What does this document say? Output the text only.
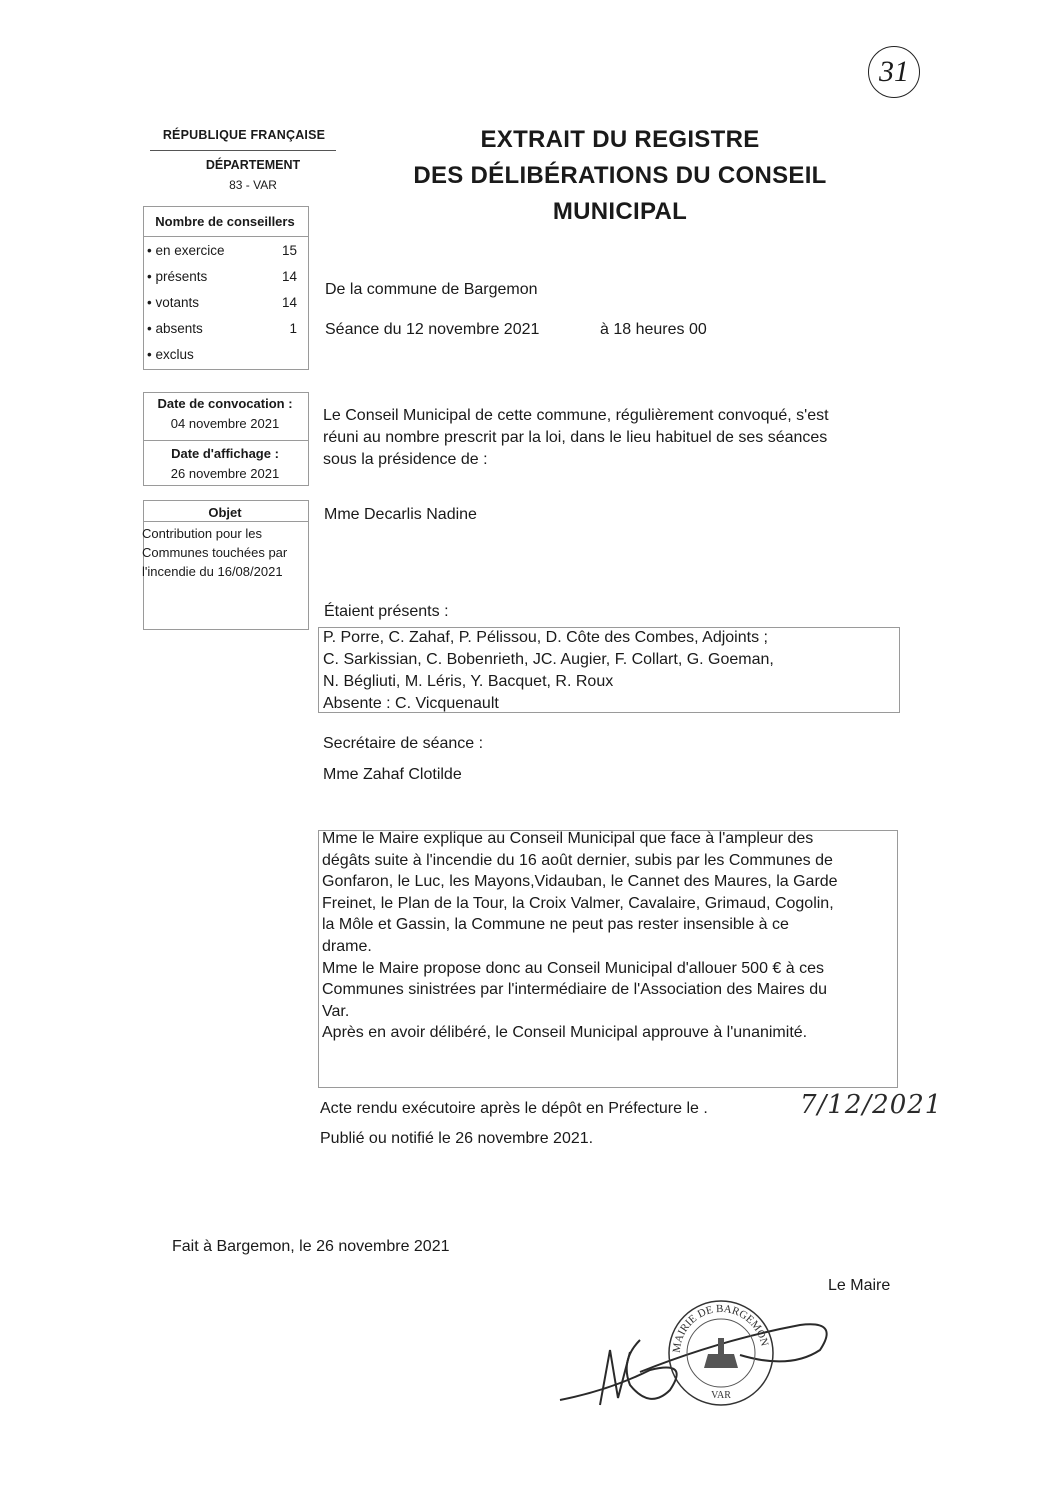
31
RÉPUBLIQUE FRANÇAISE
DÉPARTEMENT
83 - VAR
EXTRAIT DU REGISTRE
DES DÉLIBÉRATIONS DU CONSEIL
MUNICIPAL
Nombre de conseillers
• en exercice	15
• présents	14
• votants	14
• absents	1
• exclus
Date de convocation :
04 novembre 2021
Date d'affichage :
26 novembre 2021
Objet
Contribution pour les
Communes touchées par
l'incendie du 16/08/2021
De la commune de Bargemon
Séance du 12 novembre 2021	à 18 heures 00
Le Conseil Municipal de cette commune, régulièrement convoqué, s'est
réuni au nombre prescrit par la loi, dans le lieu habituel de ses séances
sous la présidence de :
Mme Decarlis Nadine
Étaient présents :
P. Porre, C. Zahaf, P. Pélissou, D. Côte des Combes, Adjoints ;
C. Sarkissian, C. Bobenrieth, JC. Augier, F. Collart, G. Goeman,
N. Bégliuti, M. Léris, Y. Bacquet, R. Roux
Absente : C. Vicquenault
Secrétaire de séance :
Mme Zahaf Clotilde
Mme le Maire explique au Conseil Municipal que face à l'ampleur des
dégâts suite à l'incendie du 16 août dernier, subis par les Communes de
Gonfaron, le Luc, les Mayons,Vidauban, le Cannet des Maures, la Garde
Freinet, le Plan de la Tour, la Croix Valmer, Cavalaire, Grimaud, Cogolin,
la Môle et Gassin, la Commune ne peut pas rester insensible à ce
drame.
Mme le Maire propose donc au Conseil Municipal d'allouer 500 € à ces
Communes sinistrées par l'intermédiaire de l'Association des Maires du
Var.
Après en avoir délibéré, le Conseil Municipal approuve à l'unanimité.
Acte rendu exécutoire après le dépôt en Préfecture le .	7/12/2021
Publié ou notifié le 26 novembre 2021.
Fait à Bargemon, le 26 novembre 2021
Le Maire
MAIRIE DE BARGEMON
VAR
